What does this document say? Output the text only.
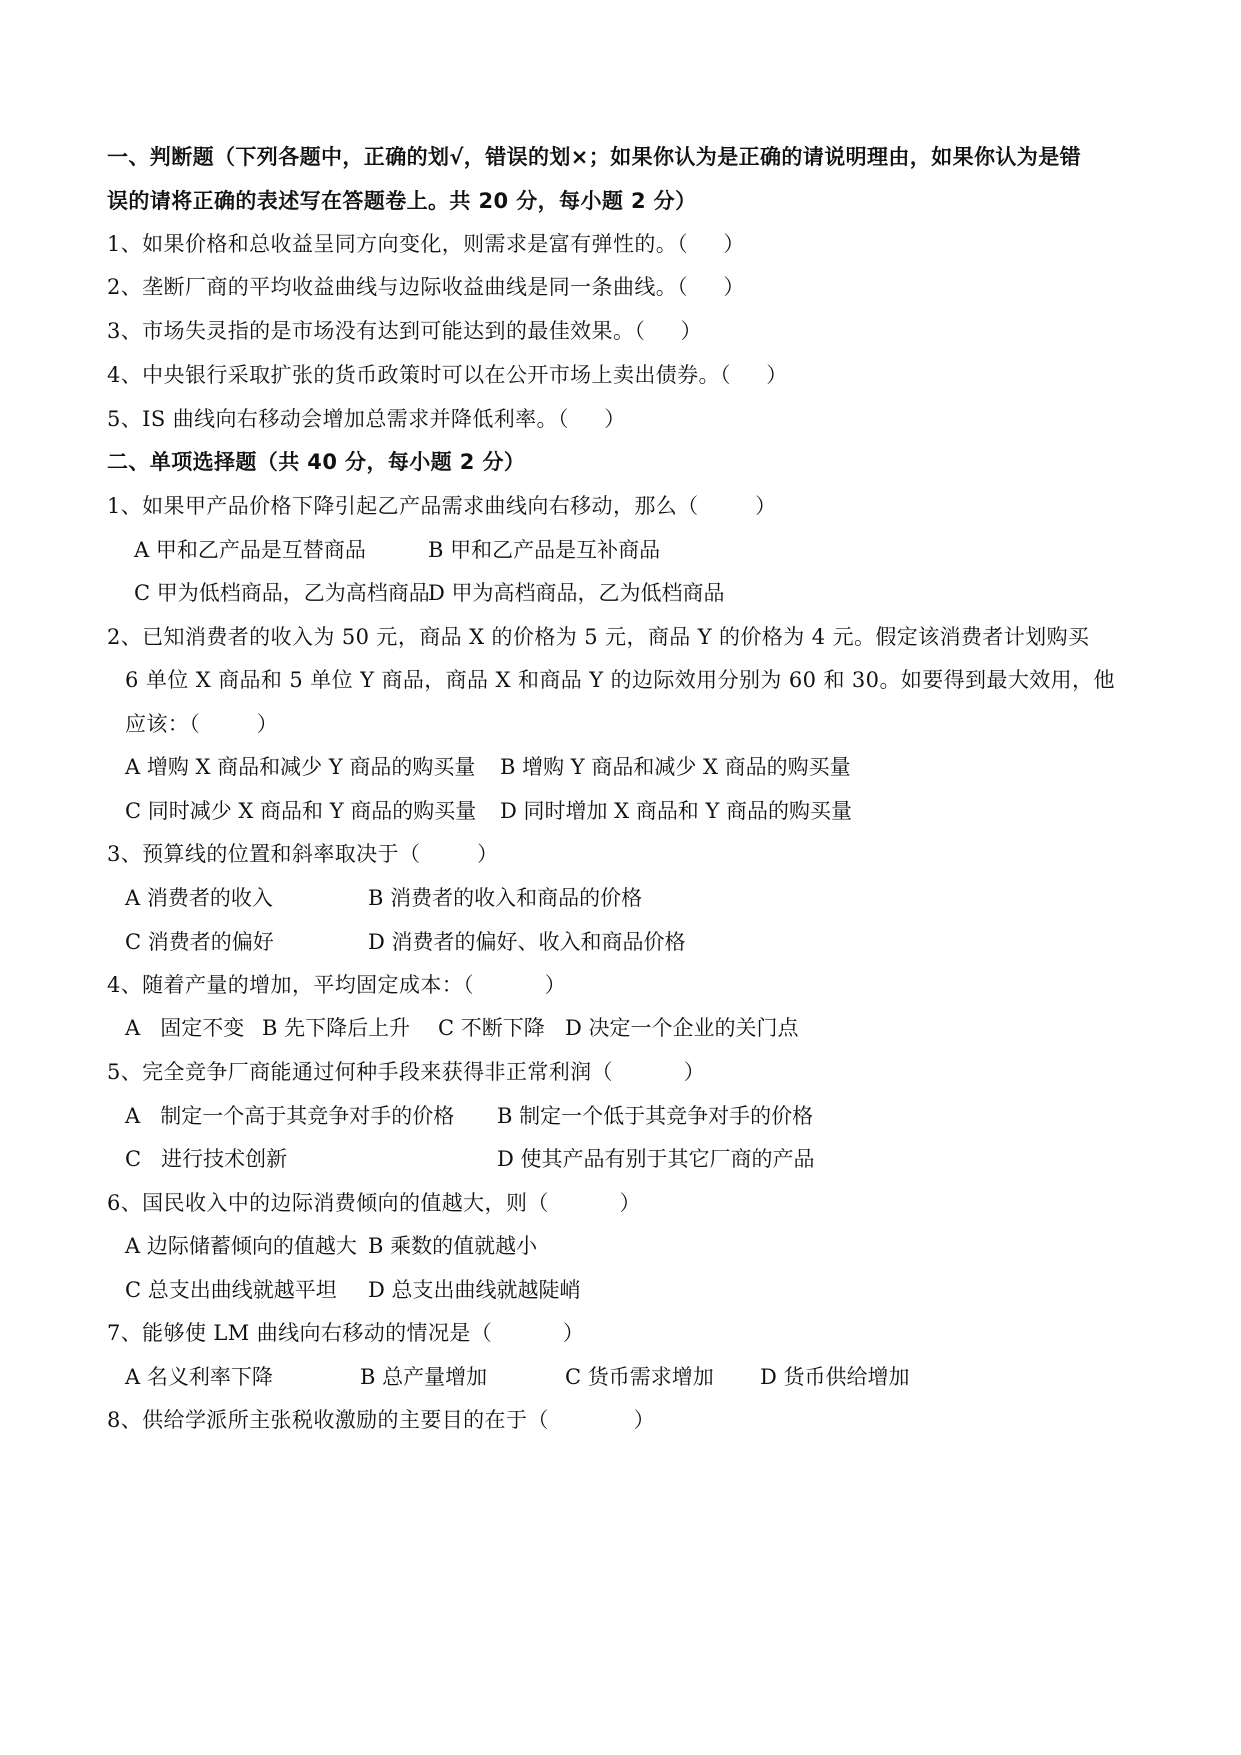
一、判断题（下列各题中，正确的划√，错误的划×；如果你认为是正确的请说明理由，如果你认为是错
误的请将正确的表述写在答题卷上。共 20 分，每小题 2 分）
1、如果价格和总收益呈同方向变化，则需求是富有弹性的。（     ）
2、垄断厂商的平均收益曲线与边际收益曲线是同一条曲线。（     ）
3、市场失灵指的是市场没有达到可能达到的最佳效果。（     ）
4、中央银行采取扩张的货币政策时可以在公开市场上卖出债券。（     ）
5、IS 曲线向右移动会增加总需求并降低利率。（     ）
二、单项选择题（共 40 分，每小题 2 分）
1、如果甲产品价格下降引起乙产品需求曲线向右移动，那么（        ）
A 甲和乙产品是互替商品	B 甲和乙产品是互补商品
C 甲为低档商品，乙为高档商品
D 甲为高档商品，乙为低档商品
2、已知消费者的收入为 50 元，商品 X 的价格为 5 元，商品 Y 的价格为 4 元。假定该消费者计划购买
6 单位 X 商品和 5 单位 Y 商品，商品 X 和商品 Y 的边际效用分别为 60 和 30。如要得到最大效用，他
应该：（        ）
A 增购 X 商品和减少 Y 商品的购买量 B 增购 Y 商品和减少 X 商品的购买量
C 同时减少 X 商品和 Y 商品的购买量 D 同时增加 X 商品和 Y 商品的购买量
3、预算线的位置和斜率取决于（        ）
A 消费者的收入	B 消费者的收入和商品的价格
C 消费者的偏好	D 消费者的偏好、收入和商品价格
4、随着产量的增加，平均固定成本：（          ）
A   固定不变 B 先下降后上升 C 不断下降 D 决定一个企业的关门点
5、完全竞争厂商能通过何种手段来获得非正常利润（          ）
A   制定一个高于其竞争对手的价格 B 制定一个低于其竞争对手的价格
C   进行技术创新	D 使其产品有别于其它厂商的产品
6、国民收入中的边际消费倾向的值越大，则（          ）
A 边际储蓄倾向的值越大 B 乘数的值就越小
C 总支出曲线就越平坦 D 总支出曲线就越陡峭
7、能够使 LM 曲线向右移动的情况是（          ）
A 名义利率下降	B 总产量增加	C 货币需求增加 D 货币供给增加
8、供给学派所主张税收激励的主要目的在于（            ）
